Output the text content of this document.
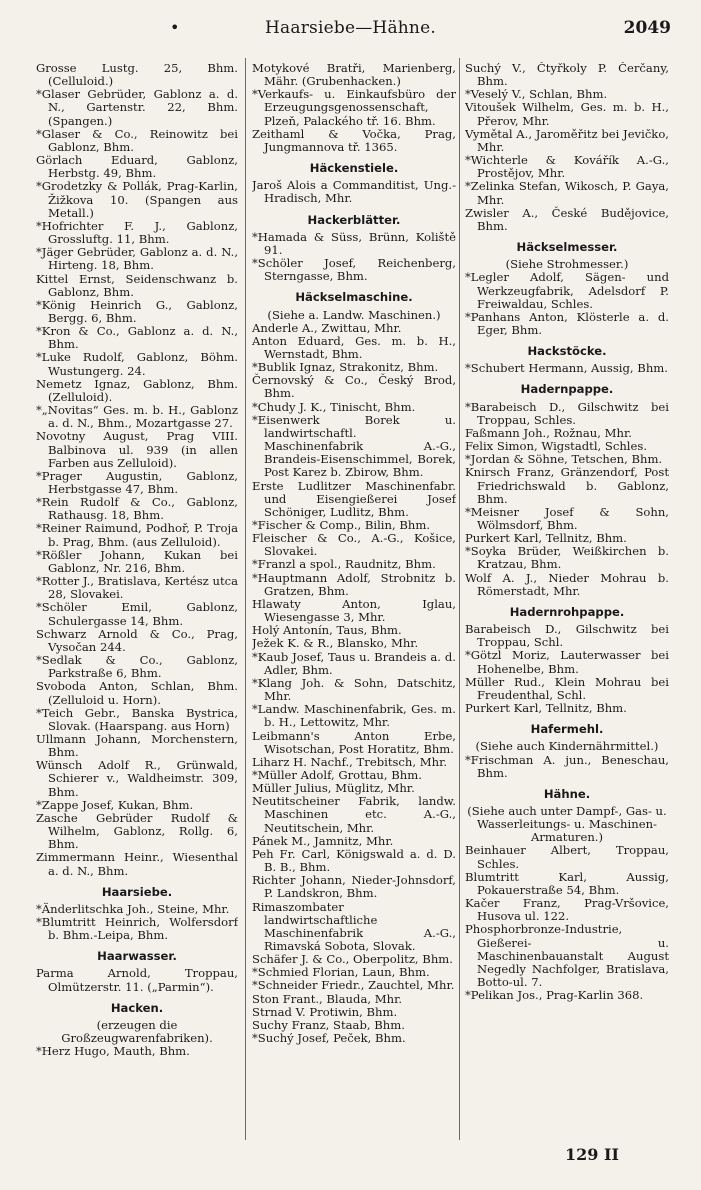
•	Haarsiebe—Hähne.	2049

Grosse Lustg. 25, Bhm. (Celluloid.)

*Glaser Gebrüder, Gablonz a. d. N., Gartenstr. 22, Bhm. (Spangen.)

*Glaser & Co., Reinowitz bei Gablonz, Bhm.

Görlach Eduard, Gablonz, Herbstg. 49, Bhm.

*Grodetzky & Pollák, Prag-Karlin, Žižkova 10. (Spangen aus Metall.)

*Hofrichter F. J., Gablonz, Grossluftg. 11, Bhm.

*Jäger Gebrüder, Gablonz a. d. N., Hirteng. 18, Bhm.

Kittel Ernst, Seidenschwanz b. Gablonz, Bhm.

*König Heinrich G., Gablonz, Bergg. 6, Bhm.

*Kron & Co., Gablonz a. d. N., Bhm.

*Luke Rudolf, Gablonz, Böhm. Wustungerg. 24.

Nemetz Ignaz, Gablonz, Bhm. (Zelluloid).

*„Novitas“ Ges. m. b. H., Gablonz a. d. N., Bhm., Mozartgasse 27.

Novotny August, Prag VIII. Balbinova ul. 939 (in allen Farben aus Zelluloid).

*Prager Augustin, Gablonz, Herbstgasse 47, Bhm.

*Rein Rudolf & Co., Gablonz, Rathausg. 18, Bhm.

*Reiner Raimund, Podhoř, P. Troja b. Prag, Bhm. (aus Zelluloid).

*Rößler Johann, Kukan bei Gablonz, Nr. 216, Bhm.

*Rotter J., Bratislava, Kertész utca 28, Slovakei.

*Schöler Emil, Gablonz, Schulergasse 14, Bhm.

Schwarz Arnold & Co., Prag, Vysočan 244.

*Sedlak & Co., Gablonz, Parkstraße 6, Bhm.

Svoboda Anton, Schlan, Bhm. (Zelluloid u. Horn).

*Teich Gebr., Banska Bystrica, Slovak. (Haarspang. aus Horn)

Ullmann Johann, Morchenstern, Bhm.

Wünsch Adolf R., Grünwald, Schierer v., Waldheimstr. 309, Bhm.

*Zappe Josef, Kukan, Bhm.

Zasche Gebrüder Rudolf & Wilhelm, Gablonz, Rollg. 6, Bhm.

Zimmermann Heinr., Wiesenthal a. d. N., Bhm.

Haarsiebe.

*Änderlitschka Joh., Steine, Mhr.

*Blumtritt Heinrich, Wolfersdorf b. Bhm.-Leipa, Bhm.

Haarwasser.

Parma Arnold, Troppau, Olmützerstr. 11. („Parmin“).

Hacken.

(erzeugen die Großzeugwarenfabriken).

*Herz Hugo, Mauth, Bhm.

Motykové Bratři, Marienberg, Mähr. (Grubenhacken.)

*Verkaufs- u. Einkaufsbüro der Erzeugungsgenossenschaft, Plzeň, Palackého tř. 16. Bhm.

Zeithaml & Vočka, Prag, Jungmannova tř. 1365.

Häckenstiele.

Jaroš Alois a Commanditist, Ung.-Hradisch, Mhr.

Hackerblätter.

*Hamada & Süss, Brünn, Koliště 91.

*Schöler Josef, Reichenberg, Sterngasse, Bhm.

Häckselmaschine.

(Siehe a. Landw. Maschinen.)

Anderle A., Zwittau, Mhr.

Anton Eduard, Ges. m. b. H., Wernstadt, Bhm.

*Bublik Ignaz, Strakonitz, Bhm.

Černovský & Co., Český Brod, Bhm.

*Chudy J. K., Tinischt, Bhm.

*Eisenwerk Borek u. landwirtschaftl. Maschinenfabrik A.-G., Brandeis-Eisenschimmel, Borek, Post Karez b. Zbirow, Bhm.

Erste Ludlitzer Maschinenfabr. und Eisengießerei Josef Schöniger, Ludlitz, Bhm.

*Fischer & Comp., Bilin, Bhm.

Fleischer & Co., A.-G., Košice, Slovakei.

*Franzl a spol., Raudnitz, Bhm.

*Hauptmann Adolf, Strobnitz b. Gratzen, Bhm.

Hlawaty Anton, Iglau, Wiesengasse 3, Mhr.

Holý Antonín, Taus, Bhm.

Ježek K. & R., Blansko, Mhr.

*Kaub Josef, Taus u. Brandeis a. d. Adler, Bhm.

*Klang Joh. & Sohn, Datschitz, Mhr.

*Landw. Maschinenfabrik, Ges. m. b. H., Lettowitz, Mhr.

Leibmann's Anton Erbe, Wisotschan, Post Horatitz, Bhm.

Liharz H. Nachf., Trebitsch, Mhr.

*Müller Adolf, Grottau, Bhm.

Müller Julius, Müglitz, Mhr.

Neutitscheiner Fabrik, landw. Maschinen etc. A.-G., Neutitschein, Mhr.

Pánek M., Jamnitz, Mhr.

Peh Fr. Carl, Königswald a. d. D. B. B., Bhm.

Richter Johann, Nieder-Johnsdorf, P. Landskron, Bhm.

Rimaszombater landwirtschaftliche Maschinenfabrik A.-G., Rimavská Sobota, Slovak.

Schäfer J. & Co., Oberpolitz, Bhm.

*Schmied Florian, Laun, Bhm.

*Schneider Friedr., Zauchtel, Mhr.

Ston Frant., Blauda, Mhr.

Strnad V. Protiwin, Bhm.

Suchy Franz, Staab, Bhm.

*Suchý Josef, Peček, Bhm.

Suchý V., Čtyřkoly P. Čerčany, Bhm.

*Veselý V., Schlan, Bhm.

Vitoušek Wilhelm, Ges. m. b. H., Přerov, Mhr.

Vymětal A., Jaroměřitz bei Jevičko, Mhr.

*Wichterle & Kovářík A.-G., Prostějov, Mhr.

*Zelinka Stefan, Wikosch, P. Gaya, Mhr.

Zwisler A., České Budějovice, Bhm.

Häckselmesser.

(Siehe Strohmesser.)

*Legler Adolf, Sägen- und Werkzeugfabrik, Adelsdorf P. Freiwaldau, Schles.

*Panhans Anton, Klösterle a. d. Eger, Bhm.

Hackstöcke.

*Schubert Hermann, Aussig, Bhm.

Hadernpappe.

*Barabeisch D., Gilschwitz bei Troppau, Schles.

Faßmann Joh., Rožnau, Mhr.

Felix Simon, Wigstadtl, Schles.

*Jordan & Söhne, Tetschen, Bhm.

Knirsch Franz, Gränzendorf, Post Friedrichswald b. Gablonz, Bhm.

*Meisner Josef & Sohn, Wölmsdorf, Bhm.

Purkert Karl, Tellnitz, Bhm.

*Soyka Brüder, Weißkirchen b. Kratzau, Bhm.

Wolf A. J., Nieder Mohrau b. Römerstadt, Mhr.

Hadernrohpappe.

Barabeisch D., Gilschwitz bei Troppau, Schl.

*Götzl Moriz, Lauterwasser bei Hohenelbe, Bhm.

Müller Rud., Klein Mohrau bei Freudenthal, Schl.

Purkert Karl, Tellnitz, Bhm.

Hafermehl.

(Siehe auch Kindernährmittel.)

*Frischman A. jun., Beneschau, Bhm.

Hähne.

(Siehe auch unter Dampf-, Gas- u. Wasserleitungs- u. Maschinen-Armaturen.)

Beinhauer Albert, Troppau, Schles.

Blumtritt Karl, Aussig, Pokauerstraße 54, Bhm.

Kačer Franz, Prag-Vršovice, Husova ul. 122.

Phosphorbronze-Industrie, Gießerei- u. Maschinenbauanstalt August Negedly Nachfolger, Bratislava, Botto-ul. 7.

*Pelikan Jos., Prag-Karlin 368.

129 II
